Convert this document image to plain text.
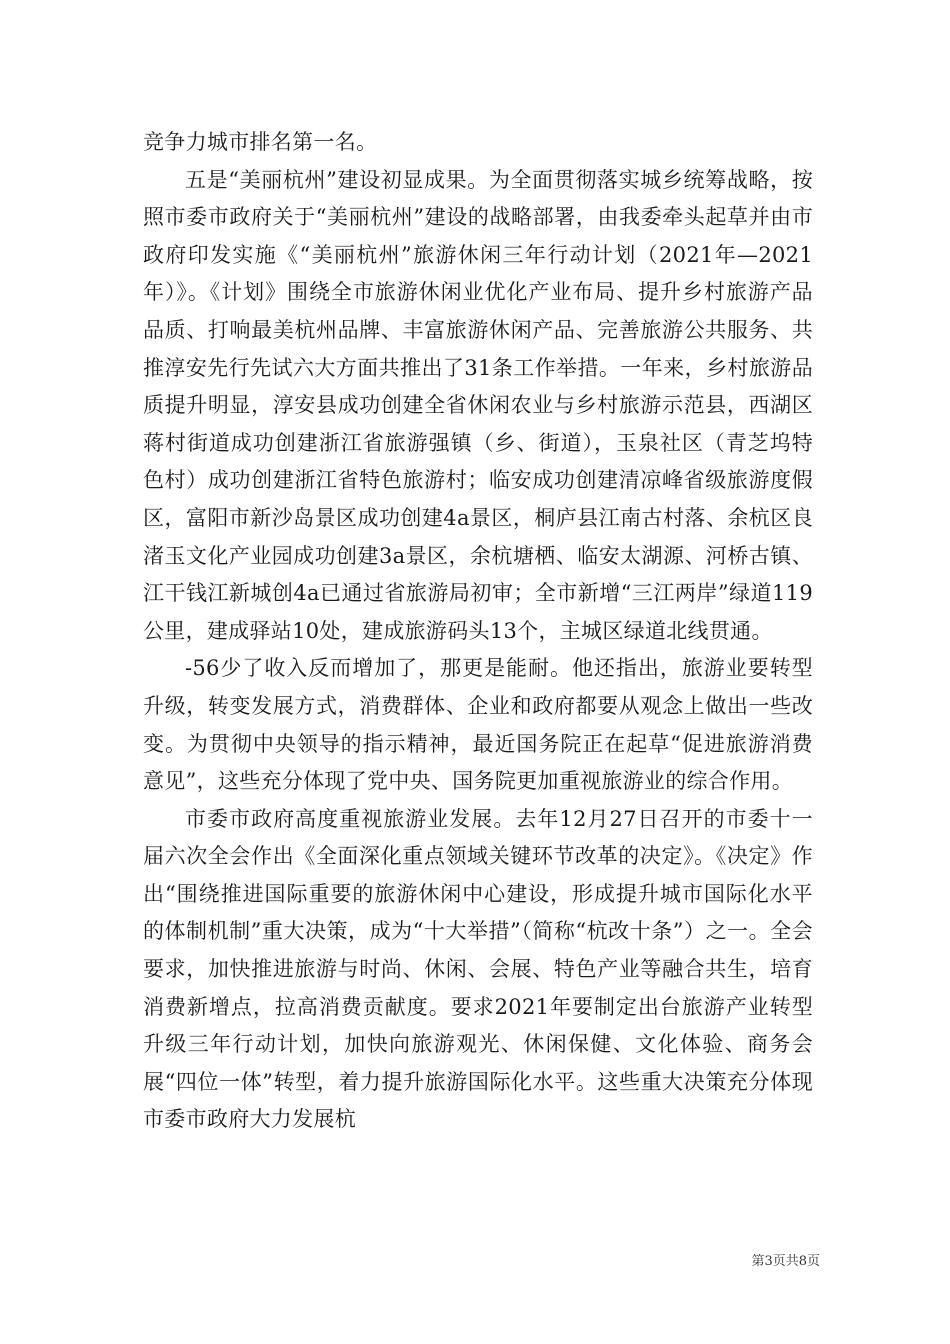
竞争力城市排名第一名。

五是“美丽杭州”建设初显成果。为全面贯彻落实城乡统筹战略，按照市委市政府关于“美丽杭州”建设的战略部署，由我委牵头起草并由市政府印发实施《“美丽杭州”旅游休闲三年行动计划（2021年—2021年）》。《计划》围绕全市旅游休闲业优化产业布局、提升乡村旅游产品品质、打响最美杭州品牌、丰富旅游休闲产品、完善旅游公共服务、共推淳安先行先试六大方面共推出了31条工作举措。一年来，乡村旅游品质提升明显，淳安县成功创建全省休闲农业与乡村旅游示范县，西湖区蒋村街道成功创建浙江省旅游强镇（乡、街道），玉泉社区（青芝坞特色村）成功创建浙江省特色旅游村；临安成功创建清凉峰省级旅游度假区，富阳市新沙岛景区成功创建4a景区，桐庐县江南古村落、余杭区良渚玉文化产业园成功创建3a景区，余杭塘栖、临安太湖源、河桥古镇、江干钱江新城创4a已通过省旅游局初审；全市新增“三江两岸”绿道119公里，建成驿站10处，建成旅游码头13个，主城区绿道北线贯通。

-56少了收入反而增加了，那更是能耐。他还指出，旅游业要转型升级，转变发展方式，消费群体、企业和政府都要从观念上做出一些改变。为贯彻中央领导的指示精神，最近国务院正在起草“促进旅游消费意见”，这些充分体现了党中央、国务院更加重视旅游业的综合作用。

市委市政府高度重视旅游业发展。去年12月27日召开的市委十一届六次全会作出《全面深化重点领域关键环节改革的决定》。《决定》作出“围绕推进国际重要的旅游休闲中心建设，形成提升城市国际化水平的体制机制”重大决策，成为“十大举措”（简称“杭改十条”）之一。全会要求，加快推进旅游与时尚、休闲、会展、特色产业等融合共生，培育消费新增点，拉高消费贡献度。要求2021年要制定出台旅游产业转型升级三年行动计划，加快向旅游观光、休闲保健、文化体验、商务会展“四位一体”转型，着力提升旅游国际化水平。这些重大决策充分体现市委市政府大力发展杭

第3页共8页
